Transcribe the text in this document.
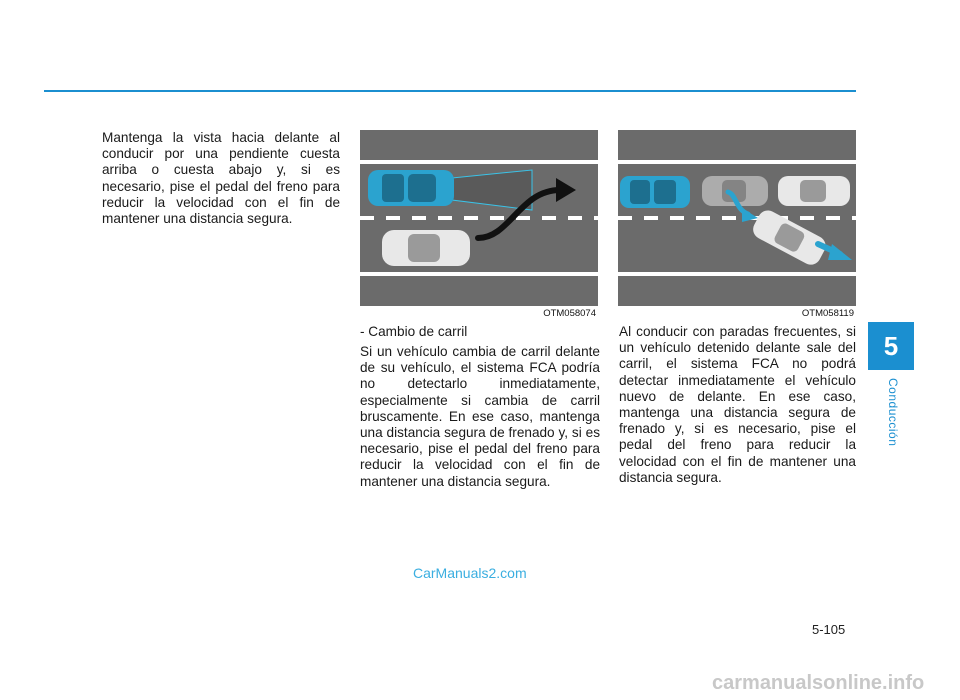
Mantenga la vista hacia delante al conducir por una pendiente cuesta arriba o cuesta abajo y, si es necesario, pise el pedal del freno para reducir la velocidad con el fin de mantener una distancia segura.

OTM058074	OTM058119

- Cambio de carril

Si un vehículo cambia de carril delante de su vehículo, el sistema FCA podría no detectarlo inmediatamente, especialmente si cambia de carril bruscamente. En ese caso, mantenga una distancia segura de frenado y, si es necesario, pise el pedal del freno para reducir la velocidad con el fin de mantener una distancia segura.

Al conducir con paradas frecuentes, si un vehículo detenido delante sale del carril, el sistema FCA no podrá detectar inmediatamente el vehículo nuevo de delante. En ese caso, mantenga una distancia segura de frenado y, si es necesario, pise el pedal del freno para reducir la velocidad con el fin de mantener una distancia segura.

5
Conducción
5-105
CarManuals2.com
carmanualsonline.info
